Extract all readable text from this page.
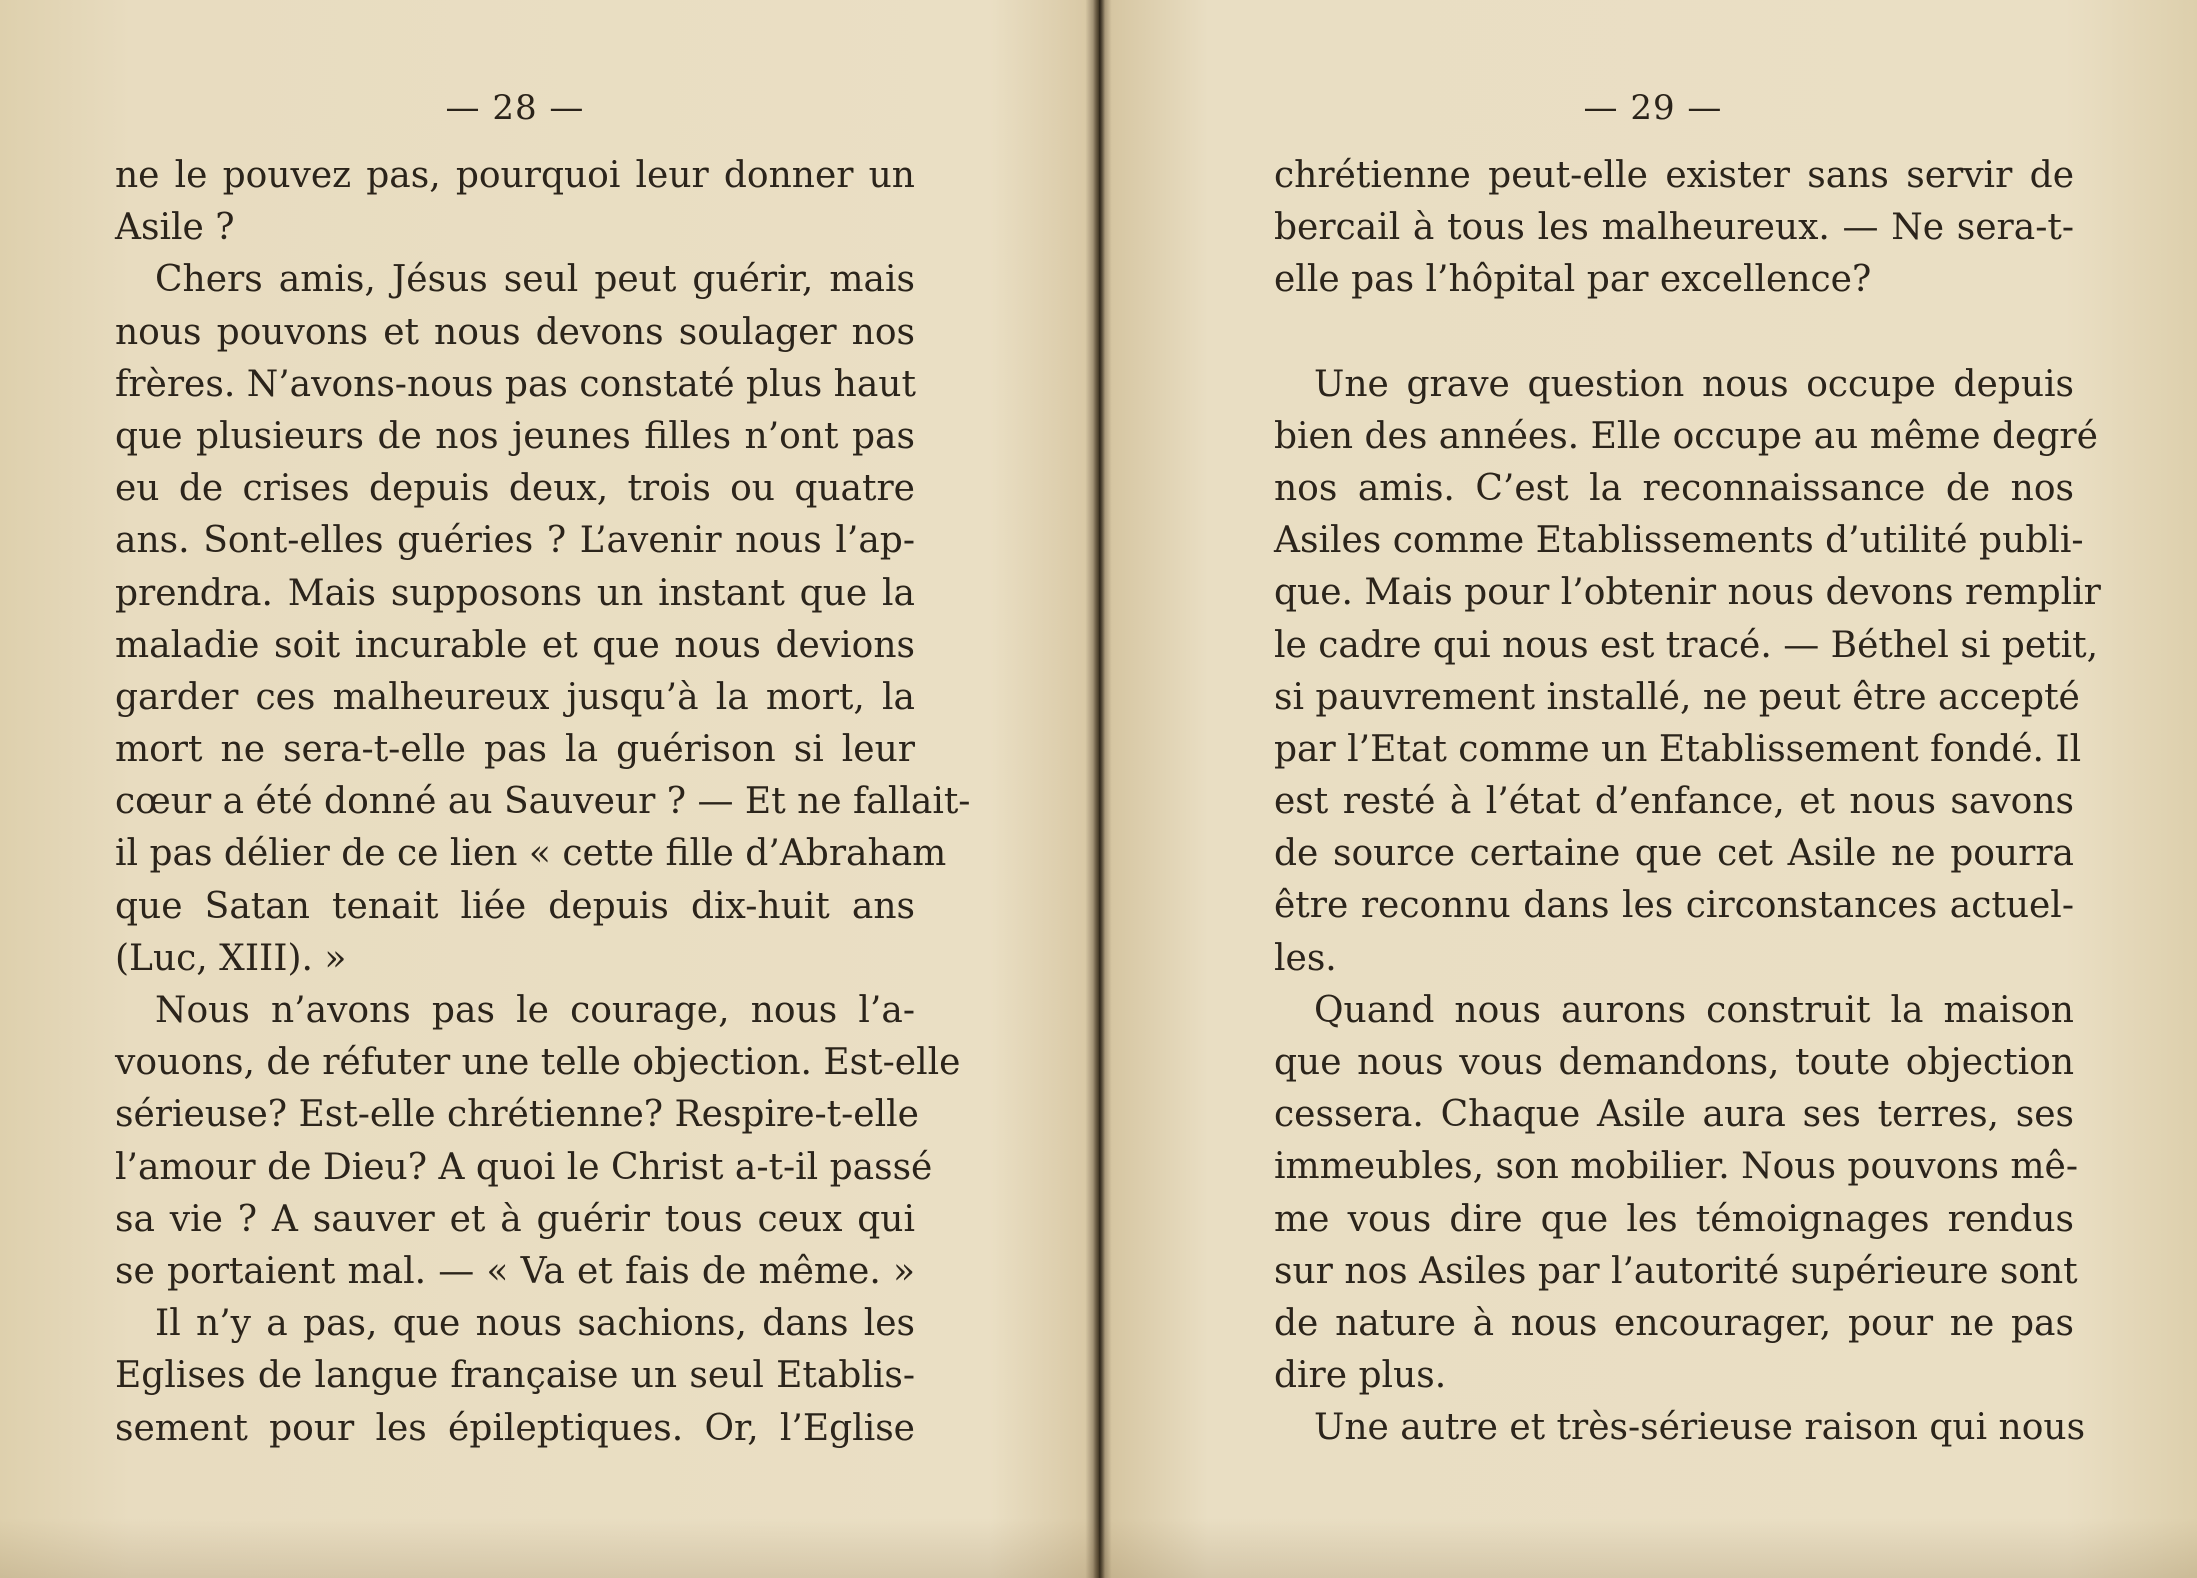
— 28 —
ne le pouvez pas, pourquoi leur donner un
Asile ?
Chers amis, Jésus seul peut guérir, mais
nous pouvons et nous devons soulager nos
frères. N’avons-nous pas constaté plus haut
que plusieurs de nos jeunes filles n’ont pas
eu de crises depuis deux, trois ou quatre
ans. Sont-elles guéries ? L’avenir nous l’ap-
prendra. Mais supposons un instant que la
maladie soit incurable et que nous devions
garder ces malheureux jusqu’à la mort, la
mort ne sera-t-elle pas la guérison si leur
cœur a été donné au Sauveur ? — Et ne fallait-
il pas délier de ce lien « cette fille d’Abraham
que Satan tenait liée depuis dix-huit ans
(Luc, XIII). »
Nous n’avons pas le courage, nous l’a-
vouons, de réfuter une telle objection. Est-elle
sérieuse? Est-elle chrétienne? Respire-t-elle
l’amour de Dieu? A quoi le Christ a-t-il passé
sa vie ? A sauver et à guérir tous ceux qui
se portaient mal. — « Va et fais de même. »
Il n’y a pas, que nous sachions, dans les
Eglises de langue française un seul Etablis-
sement pour les épileptiques. Or, l’Eglise
— 29 —
chrétienne peut-elle exister sans servir de
bercail à tous les malheureux. — Ne sera-t-
elle pas l’hôpital par excellence?
Une grave question nous occupe depuis
bien des années. Elle occupe au même degré
nos amis. C’est la reconnaissance de nos
Asiles comme Etablissements d’utilité publi-
que. Mais pour l’obtenir nous devons remplir
le cadre qui nous est tracé. — Béthel si petit,
si pauvrement installé, ne peut être accepté
par l’Etat comme un Etablissement fondé. Il
est resté à l’état d’enfance, et nous savons
de source certaine que cet Asile ne pourra
être reconnu dans les circonstances actuel-
les.
Quand nous aurons construit la maison
que nous vous demandons, toute objection
cessera. Chaque Asile aura ses terres, ses
immeubles, son mobilier. Nous pouvons mê-
me vous dire que les témoignages rendus
sur nos Asiles par l’autorité supérieure sont
de nature à nous encourager, pour ne pas
dire plus.
Une autre et très-sérieuse raison qui nous
